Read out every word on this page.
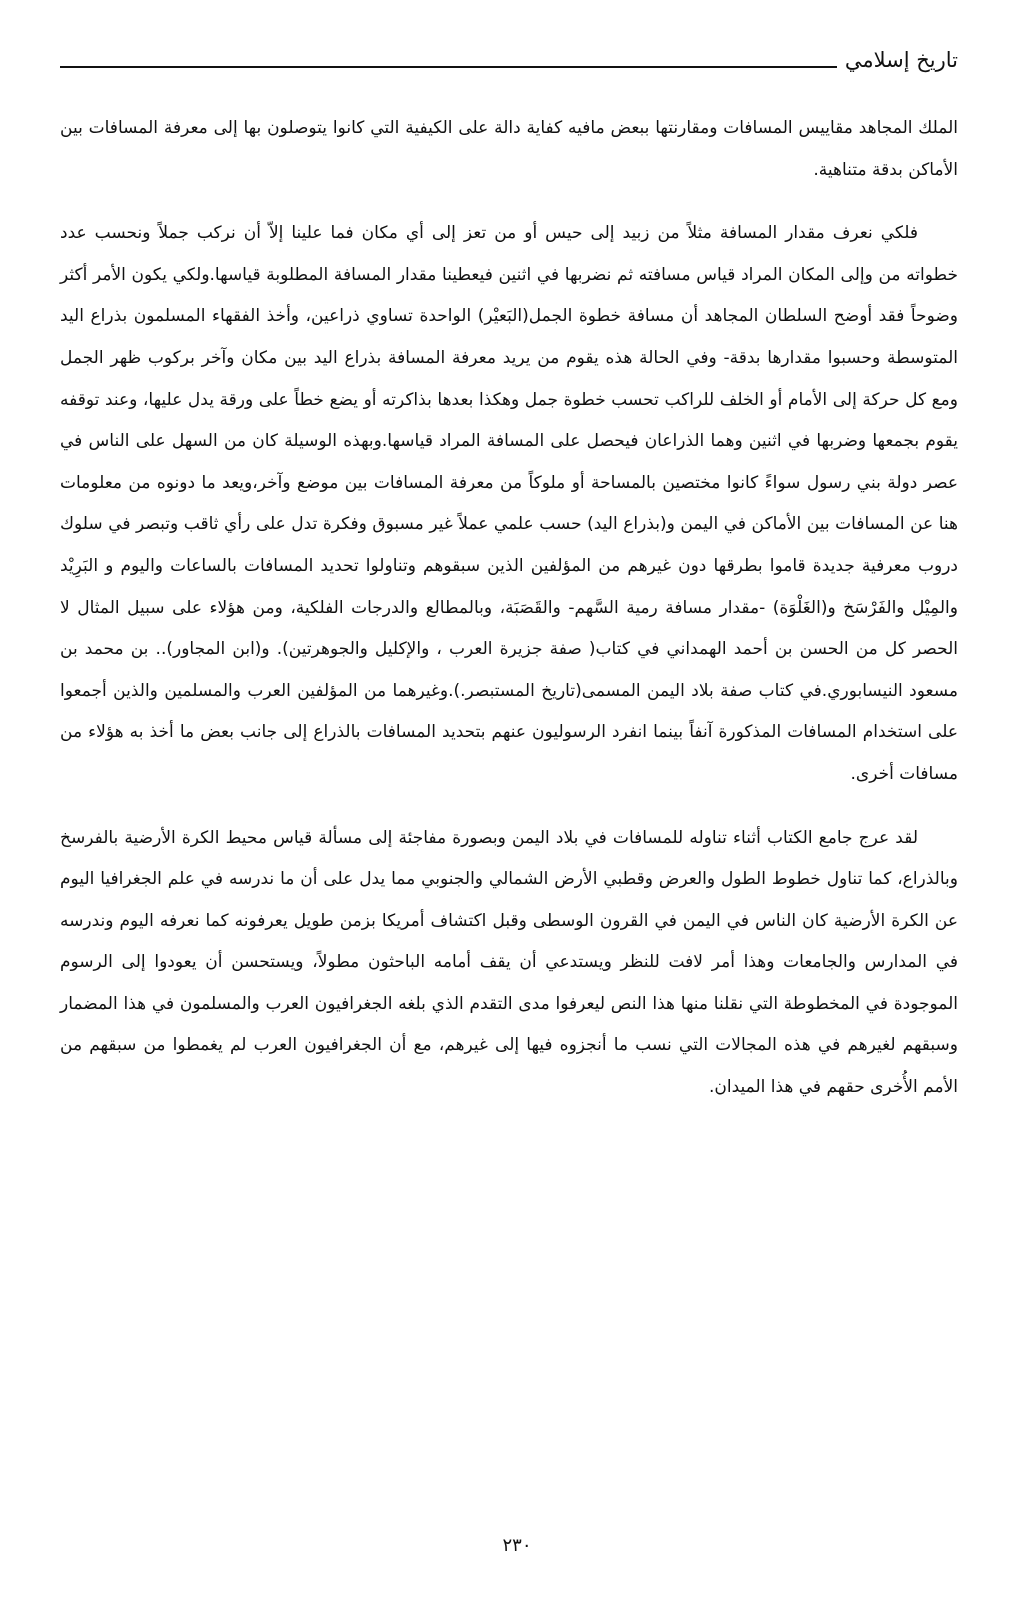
تاريخ إسلامي

الملك المجاهد مقاييس المسافات ومقارنتها ببعض مافيه كفاية دالة على الكيفية التي كانوا يتوصلون بها إلى معرفة المسافات بين الأماكن بدقة متناهية.

فلكي نعرف مقدار المسافة مثلاً من زبيد إلى حيس أو من تعز إلى أي مكان فما علينا إلاّ أن نركب جملاً ونحسب عدد خطواته من وإلى المكان المراد قياس مسافته ثم نضربها في اثنين فيعطينا مقدار المسافة المطلوبة قياسها.ولكي يكون الأمر أكثر وضوحاً فقد أوضح السلطان المجاهد أن مسافة خطوة الجمل(البَعيْر) الواحدة تساوي ذراعين، وأخذ الفقهاء المسلمون بذراع اليد المتوسطة وحسبوا مقدارها بدقة- وفي الحالة هذه يقوم من يريد معرفة المسافة بذراع اليد بين مكان وآخر بركوب ظهر الجمل ومع كل حركة إلى الأمام أو الخلف للراكب تحسب خطوة جمل وهكذا بعدها بذاكرته أو يضع خطاً على ورقة يدل عليها، وعند توقفه يقوم بجمعها وضربها في اثنين وهما الذراعان فيحصل على المسافة المراد قياسها.وبهذه الوسيلة كان من السهل على الناس في عصر دولة بني رسول سواءً كانوا مختصين بالمساحة أو ملوكاً من معرفة المسافات بين موضع وآخر،ويعد ما دونوه من معلومات هنا عن المسافات بين الأماكن في اليمن و(بذراع اليد) حسب علمي عملاً غير مسبوق وفكرة تدل على رأي ثاقب وتبصر في سلوك دروب معرفية جديدة قاموا بطرقها دون غيرهم من المؤلفين الذين سبقوهم وتناولوا تحديد المسافات بالساعات واليوم و البَرِيْد والمِيْل والفَرْسَخ و(الغَلْوَة) -مقدار مسافة رمية السَّهم- والقَصَبَة، وبالمطالع والدرجات الفلكية، ومن هؤلاء على سبيل المثال لا الحصر كل من الحسن بن أحمد الهمداني في كتاب( صفة جزيرة العرب ، والإكليل والجوهرتين). و(ابن المجاور).. بن محمد بن مسعود النيسابوري.في كتاب صفة بلاد اليمن المسمى(تاريخ المستبصر.).وغيرهما من المؤلفين العرب والمسلمين والذين أجمعوا على استخدام المسافات المذكورة آنفاً بينما انفرد الرسوليون عنهم بتحديد المسافات بالذراع إلى جانب بعض ما أخذ به هؤلاء من مسافات أخرى.

لقد عرج جامع الكتاب أثناء تناوله للمسافات في بلاد اليمن وبصورة مفاجئة إلى مسألة قياس محيط الكرة الأرضية بالفرسخ وبالذراع، كما تناول خطوط الطول والعرض وقطبي الأرض الشمالي والجنوبي مما يدل على أن ما ندرسه في علم الجغرافيا اليوم عن الكرة الأرضية كان الناس في اليمن في القرون الوسطى وقبل اكتشاف أمريكا بزمن طويل يعرفونه كما نعرفه اليوم وندرسه في المدارس والجامعات وهذا أمر لافت للنظر ويستدعي أن يقف أمامه الباحثون مطولاً، ويستحسن أن يعودوا إلى الرسوم الموجودة في المخطوطة التي نقلنا منها هذا النص ليعرفوا مدى التقدم الذي بلغه الجغرافيون العرب والمسلمون في هذا المضمار وسبقهم لغيرهم في هذه المجالات التي نسب ما أنجزوه فيها إلى غيرهم، مع أن الجغرافيون العرب لم يغمطوا من سبقهم من الأمم الأُخرى حقهم في هذا الميدان.

٢٣٠
